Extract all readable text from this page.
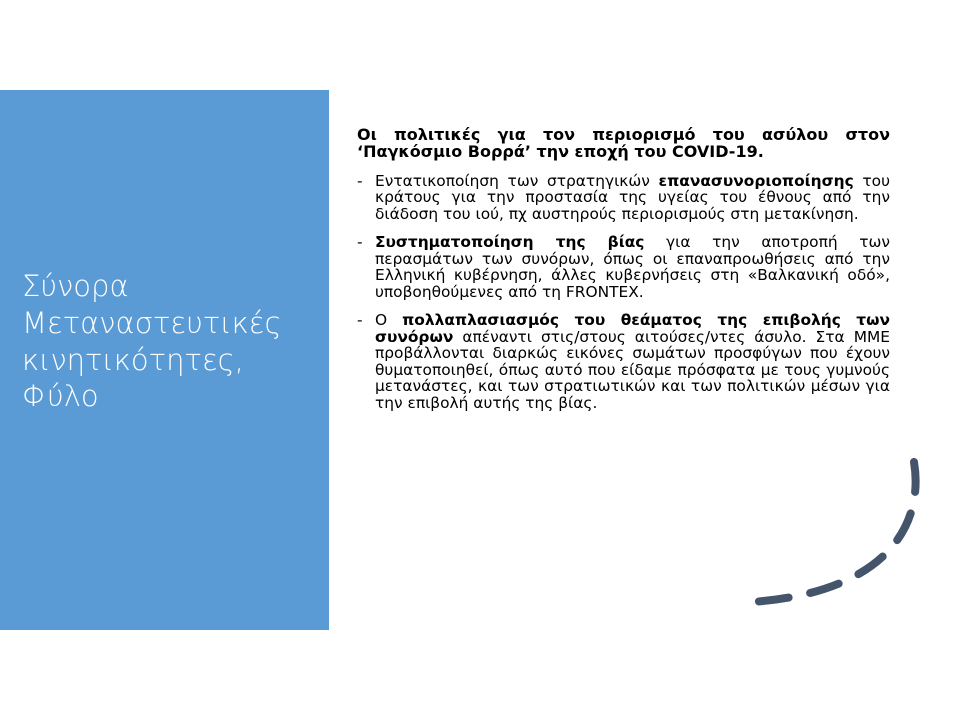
Σύνορα
Μεταναστευτικές
κινητικότητες,
Φύλο

Οι πολιτικές για τον περιορισμό του ασύλου στον ‘Παγκόσμιο Βορρά’ την εποχή του COVID-19.

- Εντατικοποίηση των στρατηγικών επανασυνοριοποίησης του κράτους για την προστασία της υγείας του έθνους από την διάδοση του ιού, πχ αυστηρούς περιορισμούς στη μετακίνηση.
- Συστηματοποίηση της βίας για την αποτροπή των περασμάτων των συνόρων, όπως οι επαναπροωθήσεις από την Ελληνική κυβέρνηση, άλλες κυβερνήσεις στη «Βαλκανική οδό», υποβοηθούμενες από τη FRONTEX.
- Ο πολλαπλασιασμός του θεάματος της επιβολής των συνόρων απέναντι στις/στους αιτούσες/ντες άσυλο. Στα ΜΜΕ προβάλλονται διαρκώς εικόνες σωμάτων προσφύγων που έχουν θυματοποιηθεί, όπως αυτό που είδαμε πρόσφατα με τους γυμνούς μετανάστες, και των στρατιωτικών και των πολιτικών μέσων για την επιβολή αυτής της βίας.
